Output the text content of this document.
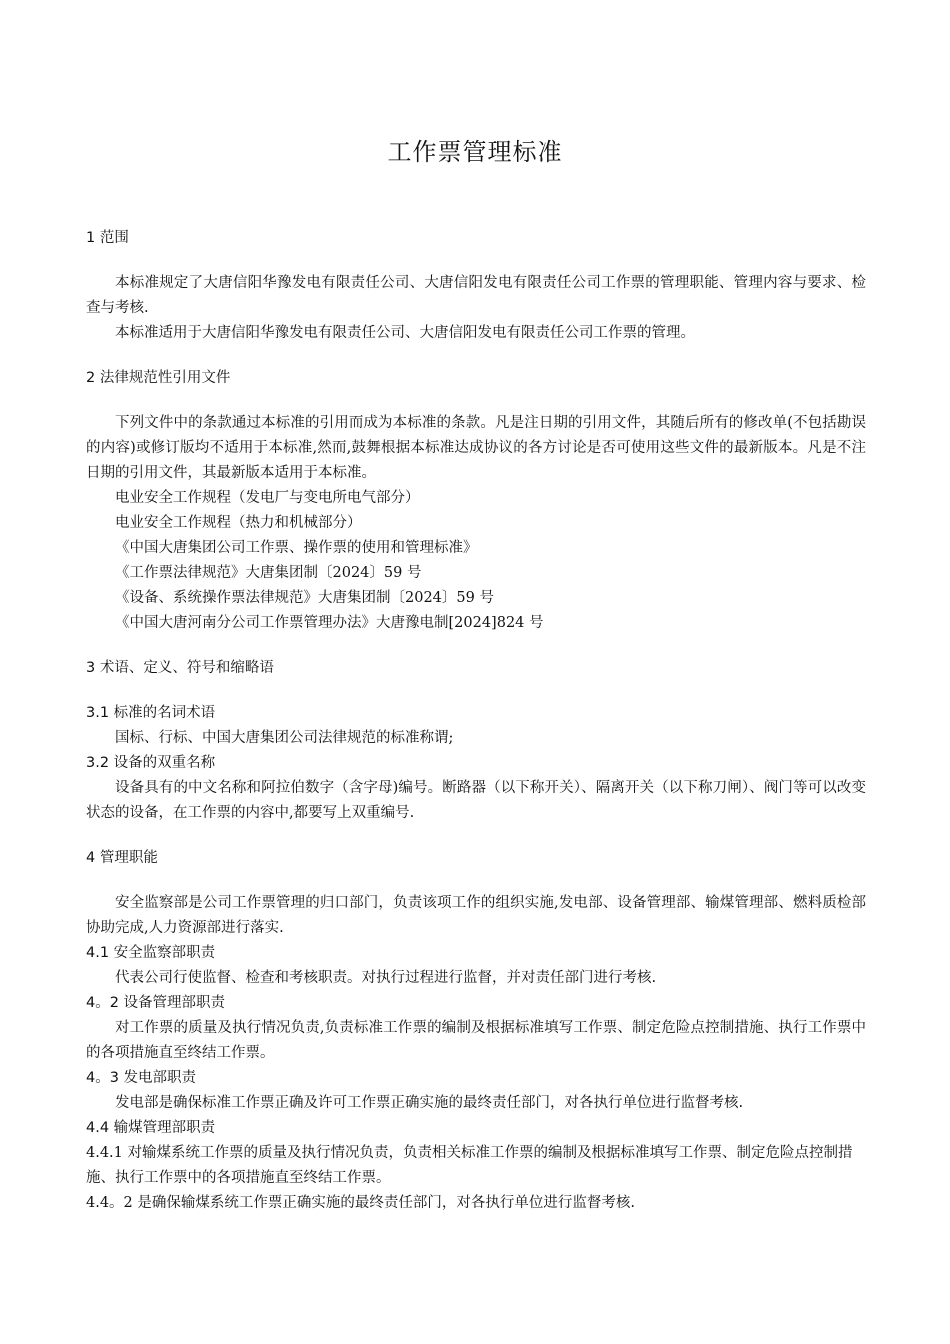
工作票管理标准
1 范围

本标准规定了大唐信阳华豫发电有限责任公司、大唐信阳发电有限责任公司工作票的管理职能、管理内容与要求、检查与考核.

本标准适用于大唐信阳华豫发电有限责任公司、大唐信阳发电有限责任公司工作票的管理。

2 法律规范性引用文件

下列文件中的条款通过本标准的引用而成为本标准的条款。凡是注日期的引用文件，其随后所有的修改单(不包括勘误的内容)或修订版均不适用于本标准,然而,鼓舞根据本标准达成协议的各方讨论是否可使用这些文件的最新版本。凡是不注日期的引用文件，其最新版本适用于本标准。

电业安全工作规程（发电厂与变电所电气部分）

电业安全工作规程（热力和机械部分）

《中国大唐集团公司工作票、操作票的使用和管理标准》

《工作票法律规范》大唐集团制〔2024〕59 号

《设备、系统操作票法律规范》大唐集团制〔2024〕59 号

《中国大唐河南分公司工作票管理办法》大唐豫电制[2024]824 号

3 术语、定义、符号和缩略语
3.1 标准的名词术语

国标、行标、中国大唐集团公司法律规范的标准称谓;

3.2 设备的双重名称

设备具有的中文名称和阿拉伯数字（含字母)编号。断路器（以下称开关）、隔离开关（以下称刀闸）、阀门等可以改变状态的设备，在工作票的内容中,都要写上双重编号.

4 管理职能

安全监察部是公司工作票管理的归口部门，负责该项工作的组织实施,发电部、设备管理部、输煤管理部、燃料质检部协助完成,人力资源部进行落实.

4.1 安全监察部职责

代表公司行使监督、检查和考核职责。对执行过程进行监督，并对责任部门进行考核.

4。2 设备管理部职责

对工作票的质量及执行情况负责,负责标准工作票的编制及根据标准填写工作票、制定危险点控制措施、执行工作票中的各项措施直至终结工作票。

4。3 发电部职责

发电部是确保标准工作票正确及许可工作票正确实施的最终责任部门，对各执行单位进行监督考核.

4.4 输煤管理部职责

4.4.1 对输煤系统工作票的质量及执行情况负责，负责相关标准工作票的编制及根据标准填写工作票、制定危险点控制措施、执行工作票中的各项措施直至终结工作票。

4.4。2 是确保输煤系统工作票正确实施的最终责任部门，对各执行单位进行监督考核.
